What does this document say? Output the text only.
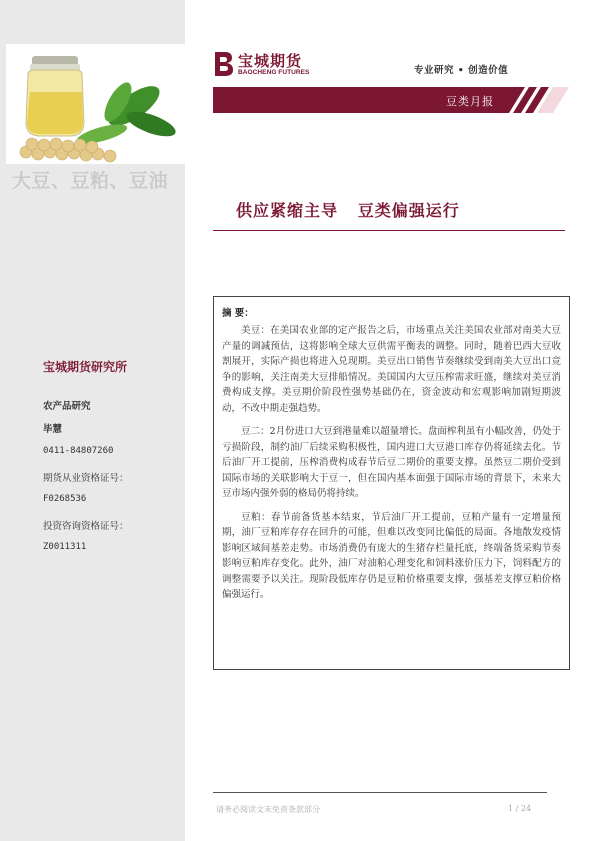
大豆、豆粕、豆油
宝城期货研究所
农产品研究
毕慧
0411-84807260
期货从业资格证号：
F0268536
投资咨询资格证号：
Z0011311
宝城期货
BAOCHENG FUTURES	专业研究 • 创造价值
豆类月报
供应紧缩主导   豆类偏强运行
摘 要：

美豆：在美国农业部的定产报告之后，市场重点关注美国农业部对南美大豆产量的调减预估，这将影响全球大豆供需平衡表的调整。同时，随着巴西大豆收割展开，实际产损也将进入兑现期。美豆出口销售节奏继续受到南美大豆出口竞争的影响，关注南美大豆排船情况。美国国内大豆压榨需求旺盛，继续对美豆消费构成支撑。美豆期价阶段性强势基础仍在，资金波动和宏观影响加剧短期波动，不改中期走强趋势。

豆二：2月份进口大豆到港量难以超量增长。盘面榨利虽有小幅改善，仍处于亏损阶段，制约油厂后续采购积极性，国内进口大豆港口库存仍将延续去化。节后油厂开工提前，压榨消费构成春节后豆二期价的重要支撑。虽然豆二期价受到国际市场的关联影响大于豆一，但在国内基本面强于国际市场的背景下，未来大豆市场内强外弱的格局仍将持续。

豆粕：春节前备货基本结束，节后油厂开工提前，豆粕产量有一定增量预期，油厂豆粕库存存在回升的可能，但难以改变同比偏低的局面。各地散发疫情影响区域间基差走势。市场消费仍有庞大的生猪存栏量托底，终端备货采购节奏影响豆粕库存变化。此外，油厂对油粕心理变化和饲料涨价压力下，饲料配方的调整需要予以关注。现阶段低库存仍是豆粕价格重要支撑，强基差支撑豆粕价格偏强运行。

请务必阅读文末免责条款部分	1 / 24
